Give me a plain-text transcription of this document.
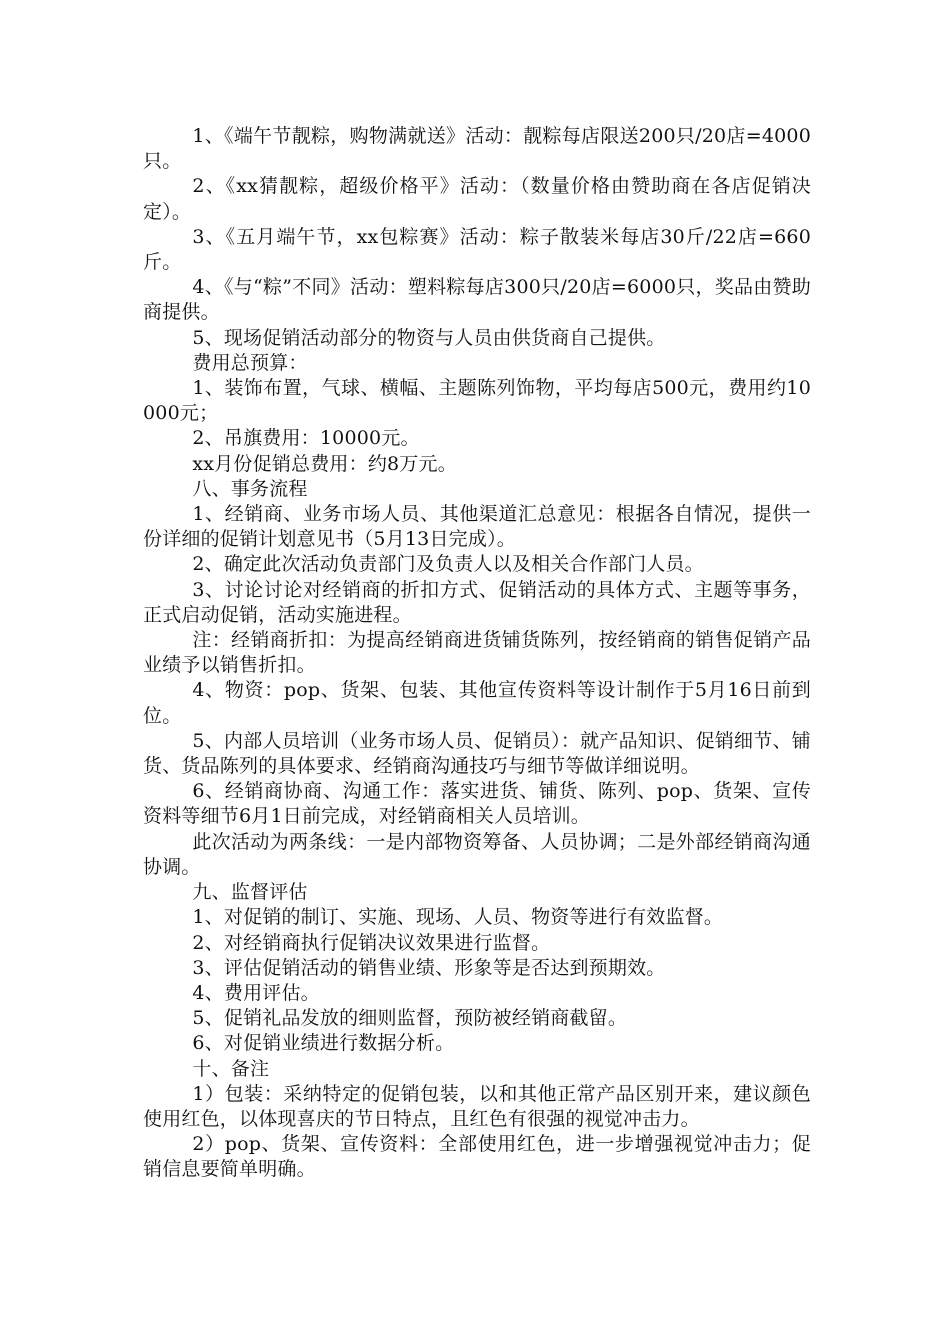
1、《端午节靓粽，购物满就送》活动：靓粽每店限送200只/20店=4000只。

2、《xx猜靓粽，超级价格平》活动：（数量价格由赞助商在各店促销决定）。

3、《五月端午节，xx包粽赛》活动：粽子散装米每店30斤/22店=660斤。

4、《与“粽”不同》活动：塑料粽每店300只/20店=6000只，奖品由赞助商提供。

5、现场促销活动部分的物资与人员由供货商自己提供。

费用总预算：

1、装饰布置，气球、横幅、主题陈列饰物，平均每店500元，费用约10000元；

2、吊旗费用：10000元。

xx月份促销总费用：约8万元。

八、事务流程

1、经销商、业务市场人员、其他渠道汇总意见：根据各自情况，提供一份详细的促销计划意见书（5月13日完成）。

2、确定此次活动负责部门及负责人以及相关合作部门人员。

3、讨论讨论对经销商的折扣方式、促销活动的具体方式、主题等事务，正式启动促销，活动实施进程。

注：经销商折扣：为提高经销商进货铺货陈列，按经销商的销售促销产品业绩予以销售折扣。

4、物资：pop、货架、包装、其他宣传资料等设计制作于5月16日前到位。

5、内部人员培训（业务市场人员、促销员）：就产品知识、促销细节、铺货、货品陈列的具体要求、经销商沟通技巧与细节等做详细说明。

6、经销商协商、沟通工作：落实进货、铺货、陈列、pop、货架、宣传资料等细节6月1日前完成，对经销商相关人员培训。

此次活动为两条线：一是内部物资筹备、人员协调；二是外部经销商沟通协调。

九、监督评估

1、对促销的制订、实施、现场、人员、物资等进行有效监督。

2、对经销商执行促销决议效果进行监督。

3、评估促销活动的销售业绩、形象等是否达到预期效。

4、费用评估。

5、促销礼品发放的细则监督，预防被经销商截留。

6、对促销业绩进行数据分析。

十、备注

1）包装：采纳特定的促销包装，以和其他正常产品区别开来，建议颜色使用红色，以体现喜庆的节日特点，且红色有很强的视觉冲击力。

2）pop、货架、宣传资料：全部使用红色，进一步增强视觉冲击力；促销信息要简单明确。
